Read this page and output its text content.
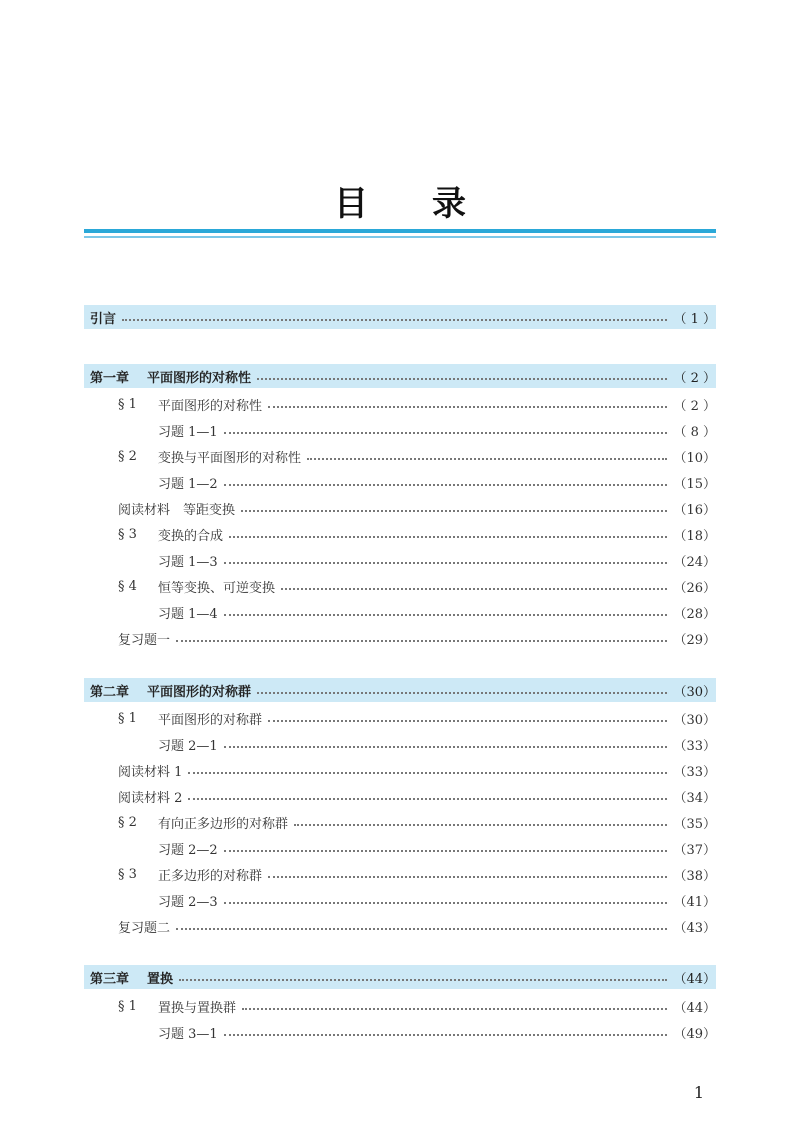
目录
引言	（ 1 ）
第一章 平面图形的对称性	（ 2 ）
§ 1	平面图形的对称性	（ 2 ）
习题 1—1	（ 8 ）
§ 2	变换与平面图形的对称性	（10）
习题 1—2	（15）
阅读材料　等距变换	（16）
§ 3	变换的合成	（18）
习题 1—3	（24）
§ 4	恒等变换、可逆变换	（26）
习题 1—4	（28）
复习题一	（29）
第二章 平面图形的对称群	（30）
§ 1	平面图形的对称群	（30）
习题 2—1	（33）
阅读材料 1	（33）
阅读材料 2	（34）
§ 2	有向正多边形的对称群	（35）
习题 2—2	（37）
§ 3	正多边形的对称群	（38）
习题 2—3	（41）
复习题二	（43）
第三章 置换	（44）
§ 1	置换与置换群	（44）
习题 3—1	（49）
1
